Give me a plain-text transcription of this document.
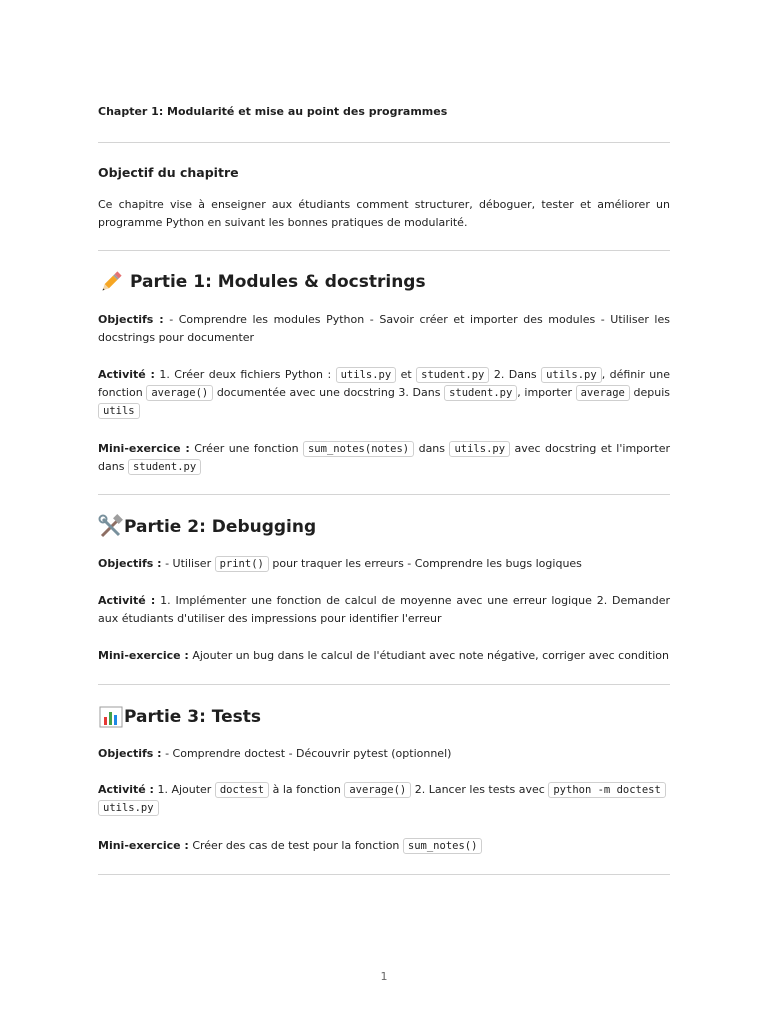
Chapter 1: Modularité et mise au point des programmes
Objectif du chapitre
Ce chapitre vise à enseigner aux étudiants comment structurer, déboguer, tester et améliorer un programme Python en suivant les bonnes pratiques de modularité.
Partie 1: Modules & docstrings
Objectifs : - Comprendre les modules Python - Savoir créer et importer des modules - Utiliser les docstrings pour documenter
Activité : 1. Créer deux fichiers Python : utils.py et student.py 2. Dans utils.py , définir une fonction average() documentée avec une docstring 3. Dans student.py , importer average depuis utils
Mini-exercice : Créer une fonction sum_notes(notes) dans utils.py avec docstring et l'importer dans student.py
Partie 2: Debugging
Objectifs : - Utiliser print() pour traquer les erreurs - Comprendre les bugs logiques
Activité : 1. Implémenter une fonction de calcul de moyenne avec une erreur logique 2. Demander aux étudiants d'utiliser des impressions pour identifier l'erreur
Mini-exercice : Ajouter un bug dans le calcul de l'étudiant avec note négative, corriger avec condition
Partie 3: Tests
Objectifs : - Comprendre doctest - Découvrir pytest (optionnel)
Activité : 1. Ajouter doctest à la fonction average() 2. Lancer les tests avec python -m doctest
utils.py
Mini-exercice : Créer des cas de test pour la fonction sum_notes()
1
